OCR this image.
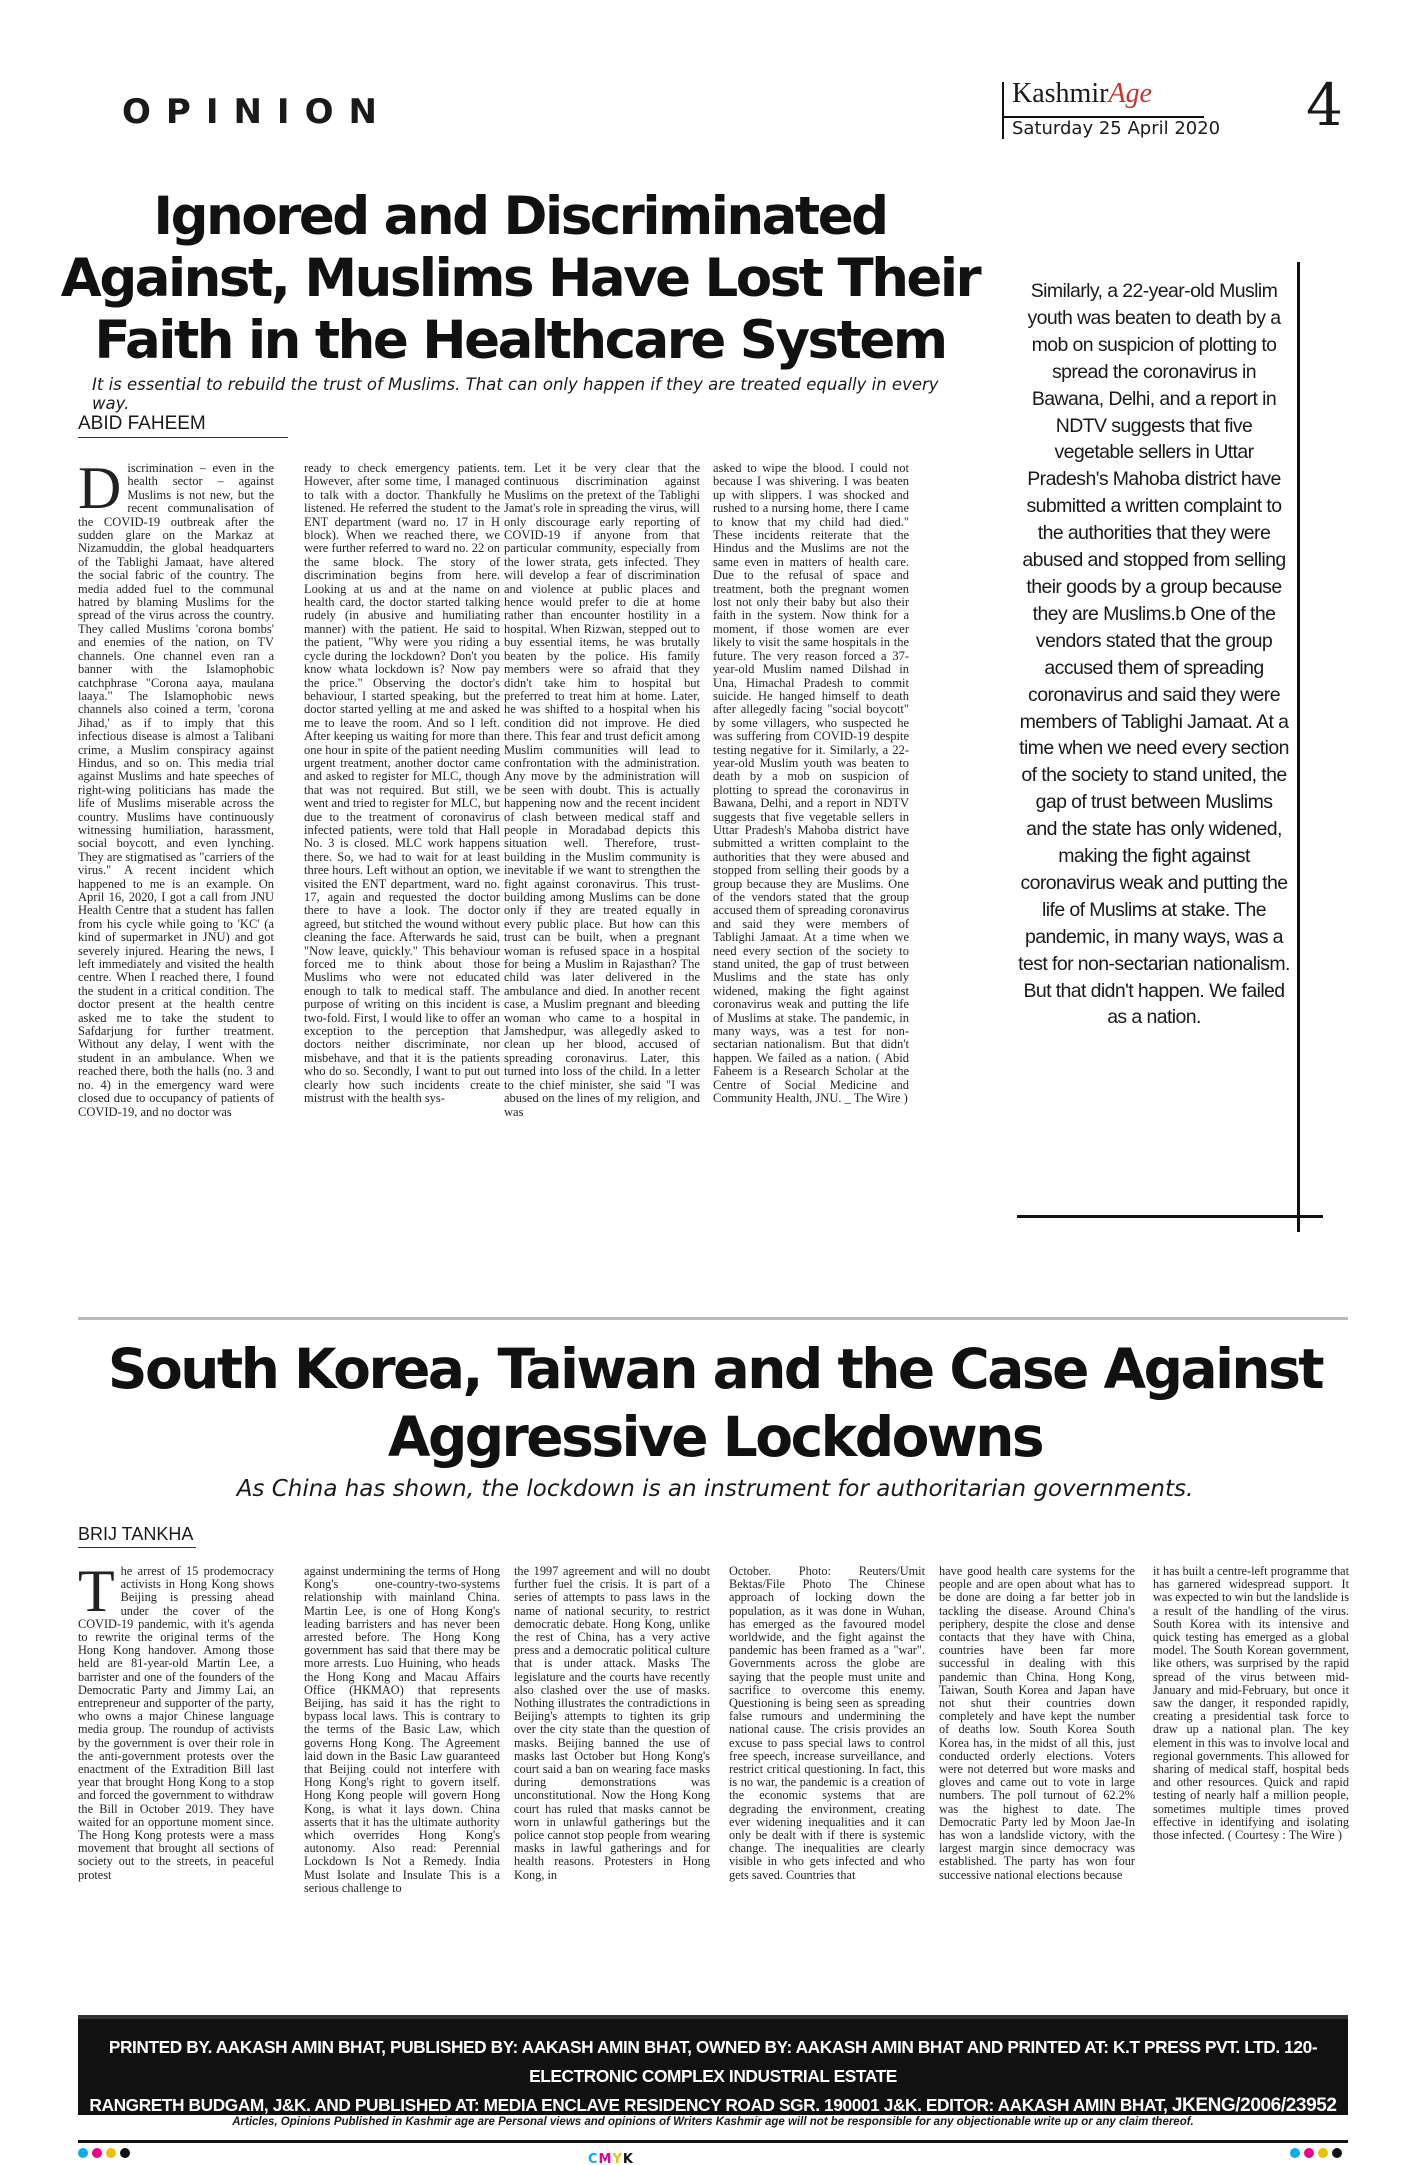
OPINION	KashmirAge
Saturday 25 April 2020 4
Ignored and Discriminated Against, Muslims Have Lost Their Faith in the Healthcare System
It is essential to rebuild the trust of Muslims. That can only happen if they are treated equally in every way.
ABID FAHEEM
Discrimination – even in the health sector – against Muslims is not new, but the recent communalisation of the COVID-19 outbreak after the sudden glare on the Markaz at Nizamuddin, the global headquarters of the Tablighi Jamaat, have altered the social fabric of the country. The media added fuel to the communal hatred by blaming Muslims for the spread of the virus across the country. They called Muslims 'corona bombs' and enemies of the nation, on TV channels. One channel even ran a banner with the Islamophobic catchphrase "Corona aaya, maulana laaya." The Islamophobic news channels also coined a term, 'corona Jihad,' as if to imply that this infectious disease is almost a Talibani crime, a Muslim conspiracy against Hindus, and so on. This media trial against Muslims and hate speeches of right-wing politicians has made the life of Muslims miserable across the country. Muslims have continuously witnessing humiliation, harassment, social boycott, and even lynching. They are stigmatised as "carriers of the virus." A recent incident which happened to me is an example. On April 16, 2020, I got a call from JNU Health Centre that a student has fallen from his cycle while going to 'KC' (a kind of supermarket in JNU) and got severely injured. Hearing the news, I left immediately and visited the health centre. When I reached there, I found the student in a critical condition. The doctor present at the health centre asked me to take the student to Safdarjung for further treatment. Without any delay, I went with the student in an ambulance. When we reached there, both the halls (no. 3 and no. 4) in the emergency ward were closed due to occupancy of patients of COVID-19, and no doctor was
ready to check emergency patients. However, after some time, I managed to talk with a doctor. Thankfully he listened. He referred the student to the ENT department (ward no. 17 in H block). When we reached there, we were further referred to ward no. 22 on the same block. The story of discrimination begins from here. Looking at us and at the name on health card, the doctor started talking rudely (in abusive and humiliating manner) with the patient. He said to the patient, "Why were you riding a cycle during the lockdown? Don't you know whata lockdown is? Now pay the price." Observing the doctor's behaviour, I started speaking, but the doctor started yelling at me and asked me to leave the room. And so I left. After keeping us waiting for more than one hour in spite of the patient needing urgent treatment, another doctor came and asked to register for MLC, though that was not required. But still, we went and tried to register for MLC, but due to the treatment of coronavirus infected patients, were told that Hall No. 3 is closed. MLC work happens there. So, we had to wait for at least three hours. Left without an option, we visited the ENT department, ward no. 17, again and requested the doctor there to have a look. The doctor agreed, but stitched the wound without cleaning the face. Afterwards he said, "Now leave, quickly." This behaviour forced me to think about those Muslims who were not educated enough to talk to medical staff. The purpose of writing on this incident is two-fold. First, I would like to offer an exception to the perception that doctors neither discriminate, nor misbehave, and that it is the patients who do so. Secondly, I want to put out clearly how such incidents create mistrust with the health sys-
tem. Let it be very clear that the continuous discrimination against Muslims on the pretext of the Tablighi Jamat's role in spreading the virus, will only discourage early reporting of COVID-19 if anyone from that particular community, especially from the lower strata, gets infected. They will develop a fear of discrimination and violence at public places and hence would prefer to die at home rather than encounter hostility in a hospital. When Rizwan, stepped out to buy essential items, he was brutally beaten by the police. His family members were so afraid that they didn't take him to hospital but preferred to treat him at home. Later, he was shifted to a hospital when his condition did not improve. He died there. This fear and trust deficit among Muslim communities will lead to confrontation with the administration. Any move by the administration will be seen with doubt. This is actually happening now and the recent incident of clash between medical staff and people in Moradabad depicts this situation well. Therefore, trust-building in the Muslim community is inevitable if we want to strengthen the fight against coronavirus. This trust-building among Muslims can be done only if they are treated equally in every public place. But how can this trust can be built, when a pregnant woman is refused space in a hospital for being a Muslim in Rajasthan? The child was later delivered in the ambulance and died. In another recent case, a Muslim pregnant and bleeding woman who came to a hospital in Jamshedpur, was allegedly asked to clean up her blood, accused of spreading coronavirus. Later, this turned into loss of the child. In a letter to the chief minister, she said "I was abused on the lines of my religion, and was
asked to wipe the blood. I could not because I was shivering. I was beaten up with slippers. I was shocked and rushed to a nursing home, there I came to know that my child had died." These incidents reiterate that the Hindus and the Muslims are not the same even in matters of health care. Due to the refusal of space and treatment, both the pregnant women lost not only their baby but also their faith in the system. Now think for a moment, if those women are ever likely to visit the same hospitals in the future. The very reason forced a 37-year-old Muslim named Dilshad in Una, Himachal Pradesh to commit suicide. He hanged himself to death after allegedly facing "social boycott" by some villagers, who suspected he was suffering from COVID-19 despite testing negative for it. Similarly, a 22-year-old Muslim youth was beaten to death by a mob on suspicion of plotting to spread the coronavirus in Bawana, Delhi, and a report in NDTV suggests that five vegetable sellers in Uttar Pradesh's Mahoba district have submitted a written complaint to the authorities that they were abused and stopped from selling their goods by a group because they are Muslims. One of the vendors stated that the group accused them of spreading coronavirus and said they were members of Tablighi Jamaat. At a time when we need every section of the society to stand united, the gap of trust between Muslims and the state has only widened, making the fight against coronavirus weak and putting the life of Muslims at stake. The pandemic, in many ways, was a test for non-sectarian nationalism. But that didn't happen. We failed as a nation. ( Abid Faheem is a Research Scholar at the Centre of Social Medicine and Community Health, JNU. _ The Wire )
Similarly, a 22-year-old Muslim youth was beaten to death by a mob on suspicion of plotting to spread the coronavirus in Bawana, Delhi, and a report in NDTV suggests that five vegetable sellers in Uttar Pradesh's Mahoba district have submitted a written complaint to the authorities that they were abused and stopped from selling their goods by a group because they are Muslims.b One of the vendors stated that the group accused them of spreading coronavirus and said they were members of Tablighi Jamaat. At a time when we need every section of the society to stand united, the gap of trust between Muslims and the state has only widened, making the fight against coronavirus weak and putting the life of Muslims at stake. The pandemic, in many ways, was a test for non-sectarian nationalism. But that didn't happen. We failed as a nation.
South Korea, Taiwan and the Case Against Aggressive Lockdowns
As China has shown, the lockdown is an instrument for authoritarian governments.
BRIJ TANKHA
The arrest of 15 prodemocracy activists in Hong Kong shows Beijing is pressing ahead under the cover of the COVID-19 pandemic, with it's agenda to rewrite the original terms of the Hong Kong handover. Among those held are 81-year-old Martin Lee, a barrister and one of the founders of the Democratic Party and Jimmy Lai, an entrepreneur and supporter of the party, who owns a major Chinese language media group. The roundup of activists by the government is over their role in the anti-government protests over the enactment of the Extradition Bill last year that brought Hong Kong to a stop and forced the government to withdraw the Bill in October 2019. They have waited for an opportune moment since. The Hong Kong protests were a mass movement that brought all sections of society out to the streets, in peaceful protest
against undermining the terms of Hong Kong's one-country-two-systems relationship with mainland China. Martin Lee, is one of Hong Kong's leading barristers and has never been arrested before. The Hong Kong government has said that there may be more arrests. Luo Huining, who heads the Hong Kong and Macau Affairs Office (HKMAO) that represents Beijing, has said it has the right to bypass local laws. This is contrary to the terms of the Basic Law, which governs Hong Kong. The Agreement laid down in the Basic Law guaranteed that Beijing could not interfere with Hong Kong's right to govern itself. Hong Kong people will govern Hong Kong, is what it lays down. China asserts that it has the ultimate authority which overrides Hong Kong's autonomy. Also read: Perennial Lockdown Is Not a Remedy. India Must Isolate and Insulate This is a serious challenge to
the 1997 agreement and will no doubt further fuel the crisis. It is part of a series of attempts to pass laws in the name of national security, to restrict democratic debate. Hong Kong, unlike the rest of China, has a very active press and a democratic political culture that is under attack. Masks The legislature and the courts have recently also clashed over the use of masks. Nothing illustrates the contradictions in Beijing's attempts to tighten its grip over the city state than the question of masks. Beijing banned the use of masks last October but Hong Kong's court said a ban on wearing face masks during demonstrations was unconstitutional. Now the Hong Kong court has ruled that masks cannot be worn in unlawful gatherings but the police cannot stop people from wearing masks in lawful gatherings and for health reasons. Protesters in Hong Kong, in
October. Photo: Reuters/Umit Bektas/File Photo The Chinese approach of locking down the population, as it was done in Wuhan, has emerged as the favoured model worldwide, and the fight against the pandemic has been framed as a "war". Governments across the globe are saying that the people must unite and sacrifice to overcome this enemy. Questioning is being seen as spreading false rumours and undermining the national cause. The crisis provides an excuse to pass special laws to control free speech, increase surveillance, and restrict critical questioning. In fact, this is no war, the pandemic is a creation of the economic systems that are degrading the environment, creating ever widening inequalities and it can only be dealt with if there is systemic change. The inequalities are clearly visible in who gets infected and who gets saved. Countries that
have good health care systems for the people and are open about what has to be done are doing a far better job in tackling the disease. Around China's periphery, despite the close and dense contacts that they have with China, countries have been far more successful in dealing with this pandemic than China. Hong Kong, Taiwan, South Korea and Japan have not shut their countries down completely and have kept the number of deaths low. South Korea South Korea has, in the midst of all this, just conducted orderly elections. Voters were not deterred but wore masks and gloves and came out to vote in large numbers. The poll turnout of 62.2% was the highest to date. The Democratic Party led by Moon Jae-In has won a landslide victory, with the largest margin since democracy was established. The party has won four successive national elections because
it has built a centre-left programme that has garnered widespread support. It was expected to win but the landslide is a result of the handling of the virus. South Korea with its intensive and quick testing has emerged as a global model. The South Korean government, like others, was surprised by the rapid spread of the virus between mid-January and mid-February, but once it saw the danger, it responded rapidly, creating a presidential task force to draw up a national plan. The key element in this was to involve local and regional governments. This allowed for sharing of medical staff, hospital beds and other resources. Quick and rapid testing of nearly half a million people, sometimes multiple times proved effective in identifying and isolating those infected. ( Courtesy : The Wire )
PRINTED BY. AAKASH AMIN BHAT, PUBLISHED BY: AAKASH AMIN BHAT, OWNED BY: AAKASH AMIN BHAT AND PRINTED AT: K.T PRESS PVT. LTD. 120- ELECTRONIC COMPLEX INDUSTRIAL ESTATE
RANGRETH BUDGAM, J&K. AND PUBLISHED AT: MEDIA ENCLAVE RESIDENCY ROAD SGR. 190001 J&K. EDITOR: AAKASH AMIN BHAT, JKENG/2006/23952
Articles, Opinions Published in Kashmir age are Personal views and opinions of Writers Kashmir age will not be responsible for any objectionable write up or any claim thereof.
CMYK
